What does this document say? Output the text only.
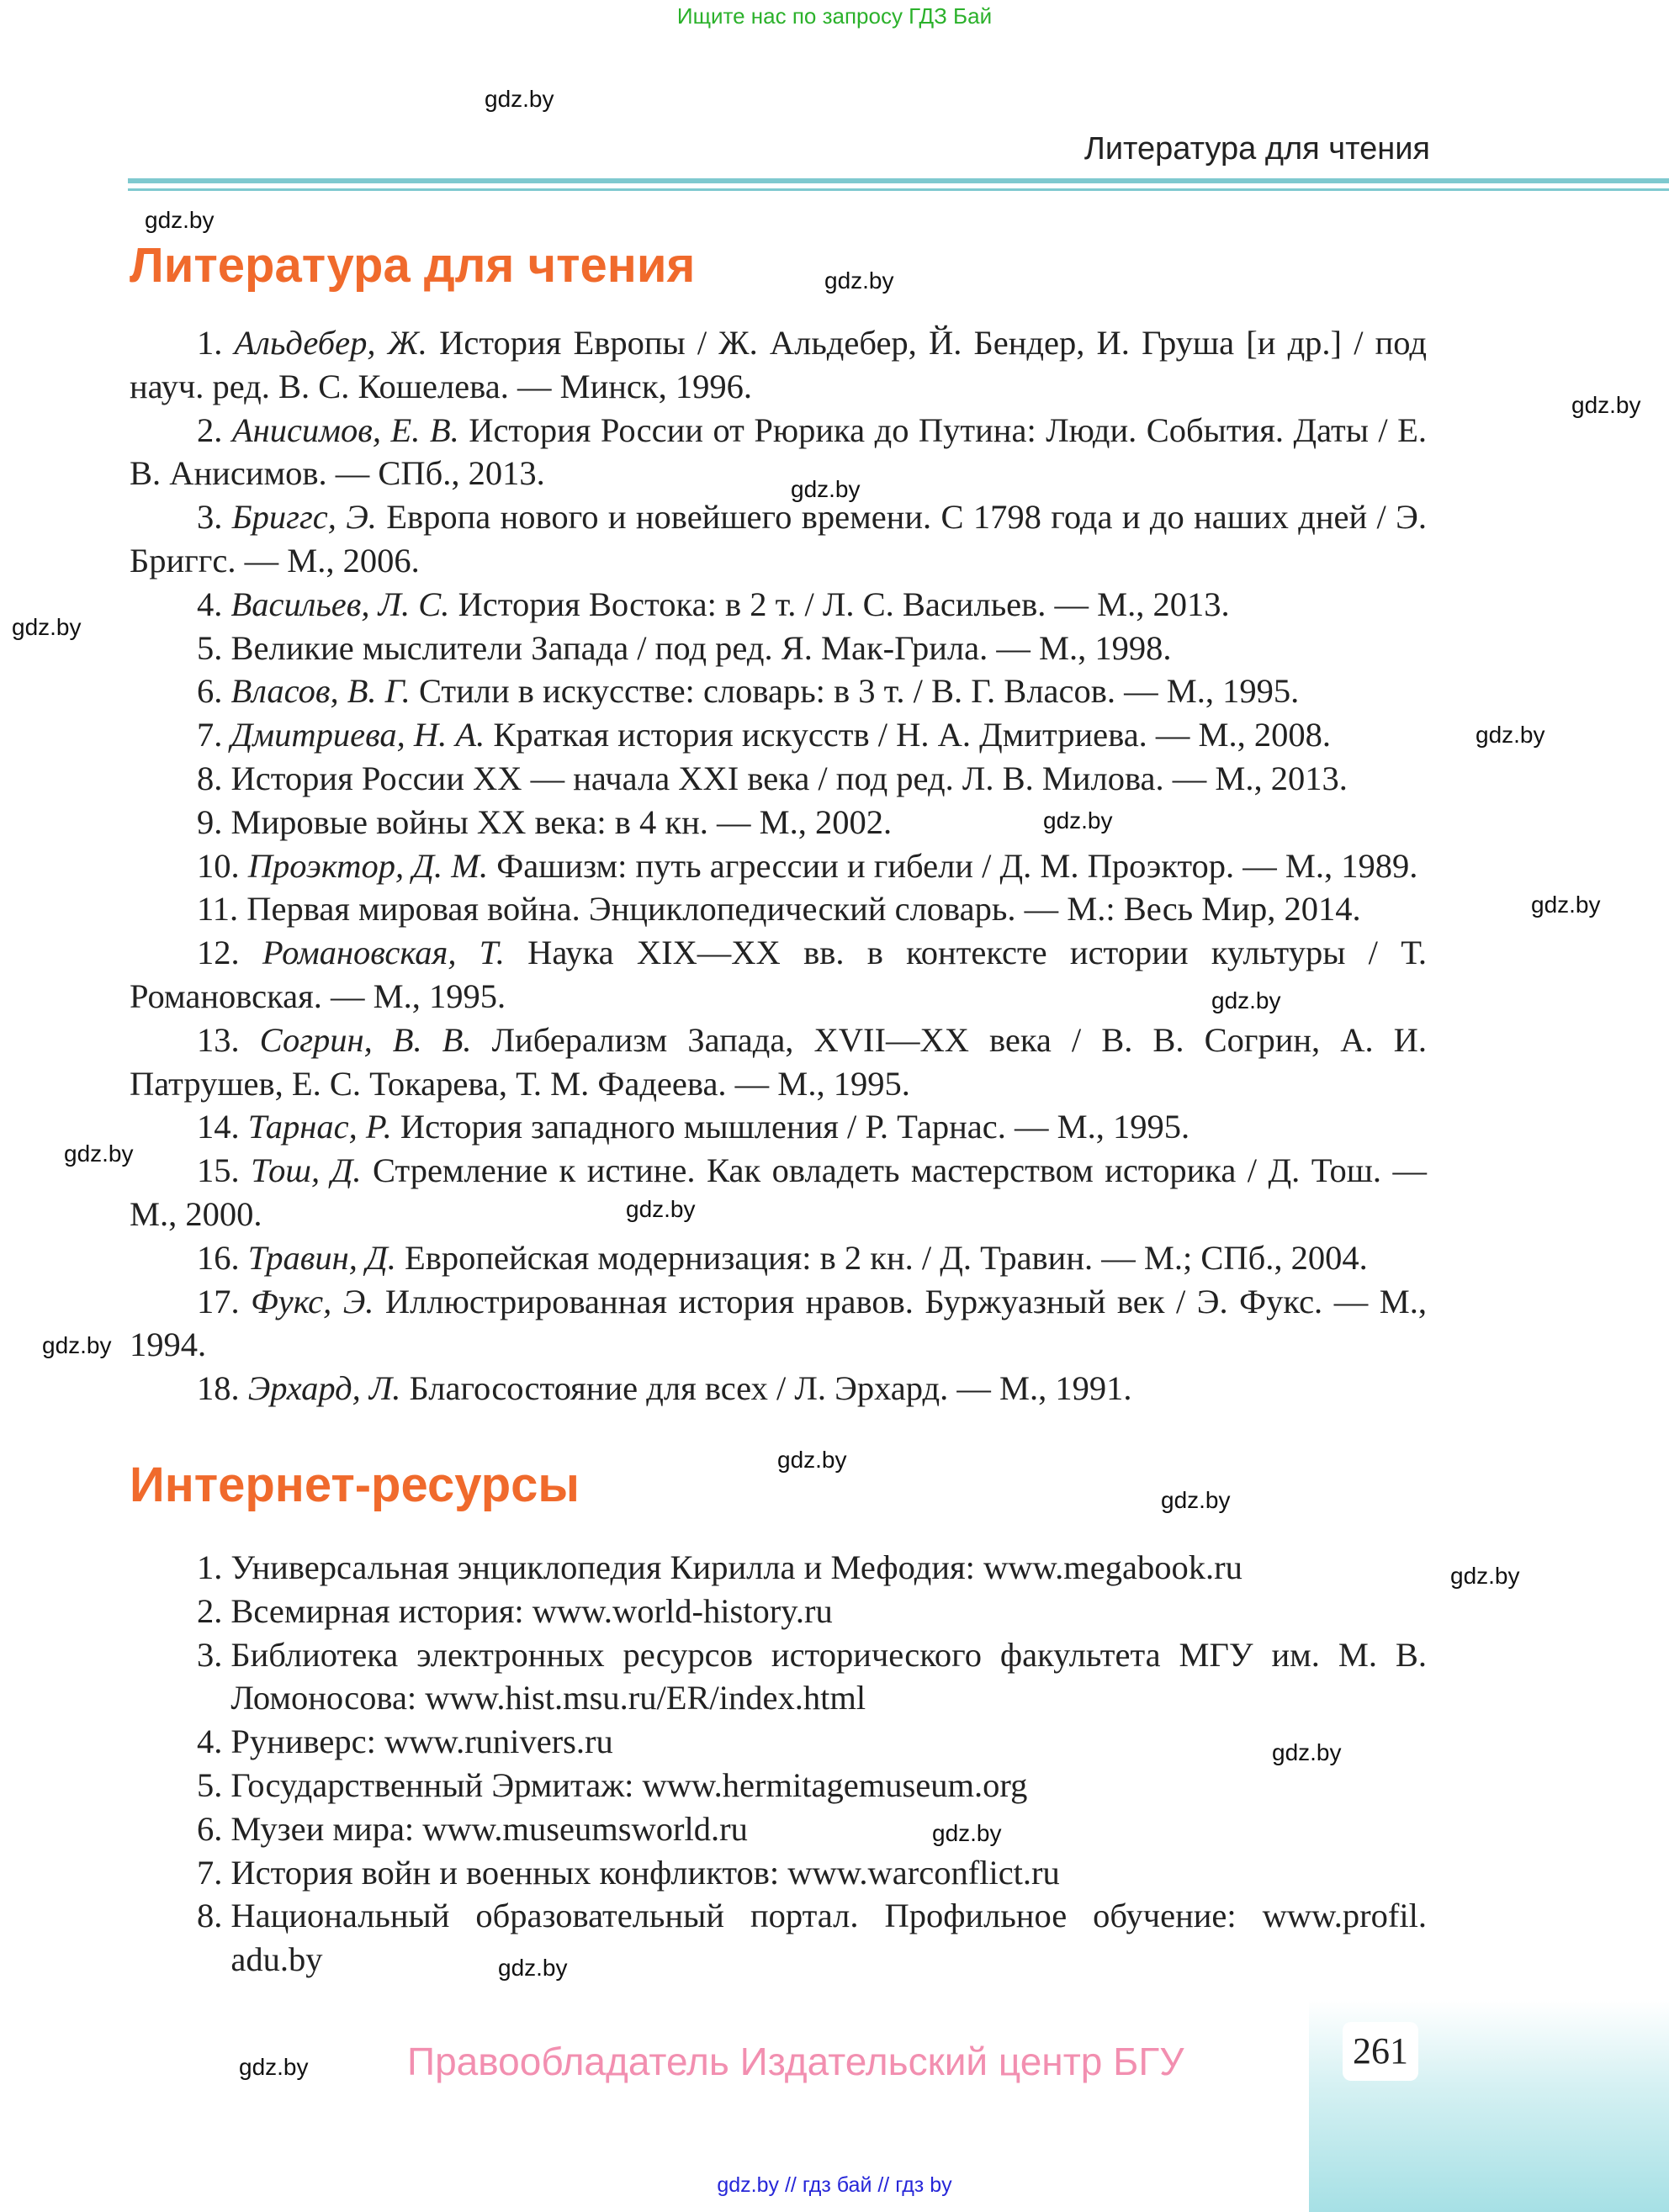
Ищите нас по запросу ГДЗ Бай
gdz.by
gdz.by
gdz.by
gdz.by
gdz.by
gdz.by
gdz.by
gdz.by
gdz.by
gdz.by
gdz.by
gdz.by
gdz.by
gdz.by
gdz.by
gdz.by
gdz.by
gdz.by
gdz.by
gdz.by
Литература для чтения
Литература для чтения
1. Альдебер, Ж. История Европы / Ж. Альдебер, Й. Бендер, И. Груша [и др.] / под науч. ред. В. С. Кошелева. — Минск, 1996.
2. Анисимов, Е. В. История России от Рюрика до Путина: Люди. События. Даты / Е. В. Анисимов. — СПб., 2013.
3. Бриггс, Э. Европа нового и новейшего времени. С 1798 года и до наших дней / Э. Бриггс. — М., 2006.
4. Васильев, Л. С. История Востока: в 2 т. / Л. С. Васильев. — М., 2013.
5. Великие мыслители Запада / под ред. Я. Мак-Грила. — М., 1998.
6. Власов, В. Г. Стили в искусстве: словарь: в 3 т. / В. Г. Власов. — М., 1995.
7. Дмитриева, Н. А. Краткая история искусств / Н. А. Дмитриева. — М., 2008.
8. История России XX — начала XXI века / под ред. Л. В. Милова. — М., 2013.
9. Мировые войны XX века: в 4 кн. — М., 2002.
10. Проэктор, Д. М. Фашизм: путь агрессии и гибели / Д. М. Проэктор. — М., 1989.
11. Первая мировая война. Энциклопедический словарь. — М.: Весь Мир, 2014.
12. Романовская, Т. Наука XIX—XX вв. в контексте истории культуры / Т. Романовская. — М., 1995.
13. Согрин, В. В. Либерализм Запада, XVII—XX века / В. В. Согрин, А. И. Патрушев, Е. С. Токарева, Т. М. Фадеева. — М., 1995.
14. Тарнас, Р. История западного мышления / Р. Тарнас. — М., 1995.
15. Тош, Д. Стремление к истине. Как овладеть мастерством историка / Д. Тош. — М., 2000.
16. Травин, Д. Европейская модернизация: в 2 кн. / Д. Травин. — М.; СПб., 2004.
17. Фукс, Э. Иллюстрированная история нравов. Буржуазный век / Э. Фукс. — М., 1994.
18. Эрхард, Л. Благосостояние для всех / Л. Эрхард. — М., 1991.
Интернет-ресурсы
1. Универсальная энциклопедия Кирилла и Мефодия: www.megabook.ru
2. Всемирная история: www.world-history.ru
3. Библиотека электронных ресурсов исторического факультета МГУ им. М. В. Ломоносова: www.hist.msu.ru/ER/index.html
4. Руниверс: www.runivers.ru
5. Государственный Эрмитаж: www.hermitagemuseum.org
6. Музеи мира: www.museumsworld.ru
7. История войн и военных конфликтов: www.warconflict.ru
8. Национальный образовательный портал. Профильное обучение: www.profil. adu.by
261
Правообладатель Издательский центр БГУ
gdz.by // гдз бай // гдз by
